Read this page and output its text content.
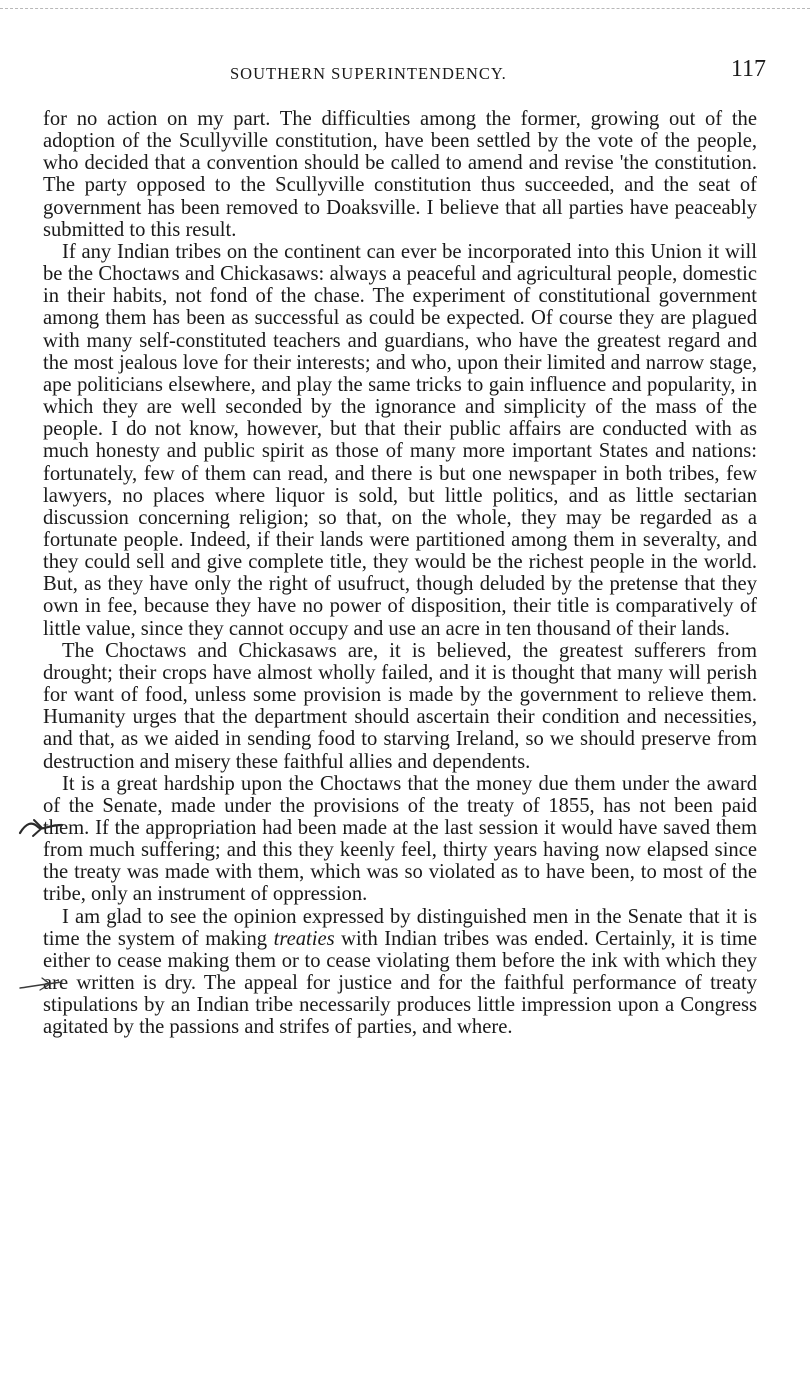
SOUTHERN SUPERINTENDENCY.	117

for no action on my part. The difficulties among the former, growing out of the adoption of the Scullyville constitution, have been settled by the vote of the people, who decided that a convention should be called to amend and revise 'the constitution. The party opposed to the Scullyville constitution thus succeeded, and the seat of government has been removed to Doaksville. I believe that all parties have peaceably submitted to this result.

If any Indian tribes on the continent can ever be incorporated into this Union it will be the Choctaws and Chickasaws: always a peaceful and agricultural people, domestic in their habits, not fond of the chase. The experiment of constitutional government among them has been as successful as could be expected. Of course they are plagued with many self-constituted teachers and guardians, who have the greatest regard and the most jealous love for their interests; and who, upon their limited and narrow stage, ape politicians elsewhere, and play the same tricks to gain influence and popularity, in which they are well seconded by the ignorance and simplicity of the mass of the people. I do not know, however, but that their public affairs are conducted with as much honesty and public spirit as those of many more important States and nations: fortunately, few of them can read, and there is but one newspaper in both tribes, few lawyers, no places where liquor is sold, but little politics, and as little sectarian discussion concerning religion; so that, on the whole, they may be regarded as a fortunate people. Indeed, if their lands were partitioned among them in severalty, and they could sell and give complete title, they would be the richest people in the world. But, as they have only the right of usufruct, though deluded by the pretense that they own in fee, because they have no power of disposition, their title is comparatively of little value, since they cannot occupy and use an acre in ten thousand of their lands.

The Choctaws and Chickasaws are, it is believed, the greatest sufferers from drought; their crops have almost wholly failed, and it is thought that many will perish for want of food, unless some provision is made by the government to relieve them. Humanity urges that the department should ascertain their condition and necessities, and that, as we aided in sending food to starving Ireland, so we should preserve from destruction and misery these faithful allies and dependents.

It is a great hardship upon the Choctaws that the money due them under the award of the Senate, made under the provisions of the treaty of 1855, has not been paid them. If the appropriation had been made at the last session it would have saved them from much suffering; and this they keenly feel, thirty years having now elapsed since the treaty was made with them, which was so violated as to have been, to most of the tribe, only an instrument of oppression.

I am glad to see the opinion expressed by distinguished men in the Senate that it is time the system of making treaties with Indian tribes was ended. Certainly, it is time either to cease making them or to cease violating them before the ink with which they are written is dry. The appeal for justice and for the faithful performance of treaty stipulations by an Indian tribe necessarily produces little impression upon a Congress agitated by the passions and strifes of parties, and where.
